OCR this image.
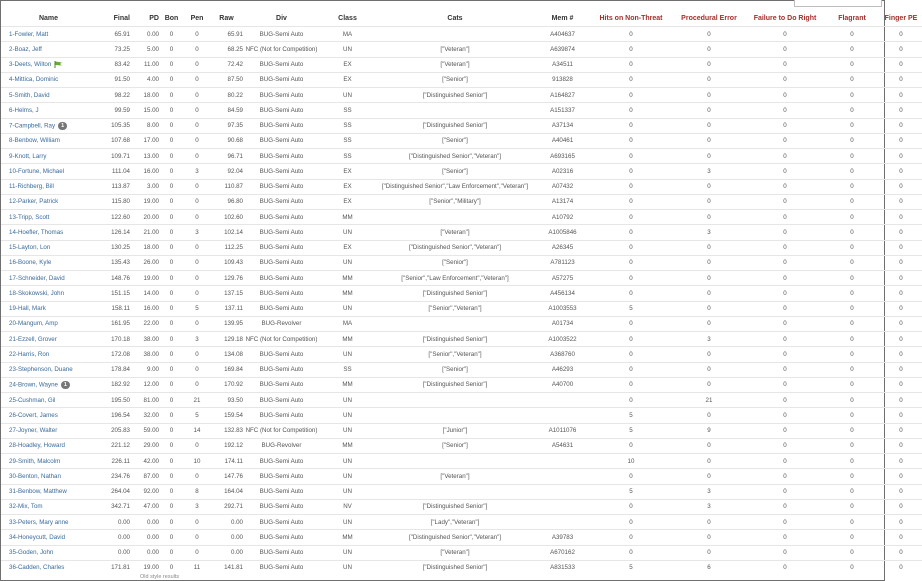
Name	Final	PD	Bon	Pen	Raw	Div	Class	Cats	Mem #	Hits on Non-Threat	Procedural Error	Failure to Do Right	Flagrant	Finger PE
1-Fowler, Matt	65.91	0.00	0	0	65.91	BUG-Semi Auto	MA		A404637	0	0	0	0	0
2-Boaz, Jeff	73.25	5.00	0	0	68.25	NFC (Not for Competition)	UN	["Veteran"]	A639874	0	0	0	0	0
3-Deets, Wilton	83.42	11.00	0	0	72.42	BUG-Semi Auto	EX	["Veteran"]	A34511	0	0	0	0	0
4-Mittica, Dominic	91.50	4.00	0	0	87.50	BUG-Semi Auto	EX	["Senior"]	913828	0	0	0	0	0
5-Smith, David	98.22	18.00	0	0	80.22	BUG-Semi Auto	UN	["Distinguished Senior"]	A164827	0	0	0	0	0
6-Helms, J	99.59	15.00	0	0	84.59	BUG-Semi Auto	SS		A151337	0	0	0	0	0
7-Campbell, Ray 1	105.35	8.00	0	0	97.35	BUG-Semi Auto	SS	["Distinguished Senior"]	A37134	0	0	0	0	0
8-Benbow, William	107.68	17.00	0	0	90.68	BUG-Semi Auto	SS	["Senior"]	A40461	0	0	0	0	0
9-Knott, Larry	109.71	13.00	0	0	96.71	BUG-Semi Auto	SS	["Distinguished Senior","Veteran"]	A693165	0	0	0	0	0
10-Fortune, Michael	111.04	16.00	0	3	92.04	BUG-Semi Auto	EX	["Senior"]	A02316	0	3	0	0	0
11-Richberg, Bill	113.87	3.00	0	0	110.87	BUG-Semi Auto	EX	["Distinguished Senior","Law Enforcement","Veteran"]	A07432	0	0	0	0	0
12-Parker, Patrick	115.80	19.00	0	0	96.80	BUG-Semi Auto	EX	["Senior","Military"]	A13174	0	0	0	0	0
13-Tripp, Scott	122.60	20.00	0	0	102.60	BUG-Semi Auto	MM		A10792	0	0	0	0	0
14-Hoefler, Thomas	126.14	21.00	0	3	102.14	BUG-Semi Auto	UN	["Veteran"]	A1005846	0	3	0	0	0
15-Layton, Lon	130.25	18.00	0	0	112.25	BUG-Semi Auto	EX	["Distinguished Senior","Veteran"]	A26345	0	0	0	0	0
16-Boone, Kyle	135.43	26.00	0	0	109.43	BUG-Semi Auto	UN	["Senior"]	A781123	0	0	0	0	0
17-Schneider, David	148.76	19.00	0	0	129.76	BUG-Semi Auto	MM	["Senior","Law Enforcement","Veteran"]	A57275	0	0	0	0	0
18-Skokowski, John	151.15	14.00	0	0	137.15	BUG-Semi Auto	MM	["Distinguished Senior"]	A456134	0	0	0	0	0
19-Hall, Mark	158.11	16.00	0	5	137.11	BUG-Semi Auto	UN	["Senior","Veteran"]	A1003553	5	0	0	0	0
20-Mangum, Amp	161.95	22.00	0	0	139.95	BUG-Revolver	MA		A01734	0	0	0	0	0
21-Ezzell, Grover	170.18	38.00	0	3	129.18	NFC (Not for Competition)	MM	["Distinguished Senior"]	A1003522	0	3	0	0	0
22-Harris, Ron	172.08	38.00	0	0	134.08	BUG-Semi Auto	UN	["Senior","Veteran"]	A368760	0	0	0	0	0
23-Stephenson, Duane	178.84	9.00	0	0	169.84	BUG-Semi Auto	SS	["Senior"]	A46293	0	0	0	0	0
24-Brown, Wayne 1	182.92	12.00	0	0	170.92	BUG-Semi Auto	MM	["Distinguished Senior"]	A40700	0	0	0	0	0
25-Cushman, Gil	195.50	81.00	0	21	93.50	BUG-Semi Auto	UN			0	21	0	0	0
26-Covert, James	196.54	32.00	0	5	159.54	BUG-Semi Auto	UN			5	0	0	0	0
27-Joyner, Walter	205.83	59.00	0	14	132.83	NFC (Not for Competition)	UN	["Junior"]	A1011076	5	9	0	0	0
28-Hoadley, Howard	221.12	29.00	0	0	192.12	BUG-Revolver	MM	["Senior"]	A54631	0	0	0	0	0
29-Smith, Malcolm	226.11	42.00	0	10	174.11	BUG-Semi Auto	UN			10	0	0	0	0
30-Benton, Nathan	234.76	87.00	0	0	147.76	BUG-Semi Auto	UN	["Veteran"]		0	0	0	0	0
31-Benbow, Matthew	264.04	92.00	0	8	164.04	BUG-Semi Auto	UN			5	3	0	0	0
32-Mix, Tom	342.71	47.00	0	3	292.71	BUG-Semi Auto	NV	["Distinguished Senior"]		0	3	0	0	0
33-Peters, Mary anne	0.00	0.00	0	0	0.00	BUG-Semi Auto	UN	["Lady","Veteran"]		0	0	0	0	0
34-Honeycutt, David	0.00	0.00	0	0	0.00	BUG-Semi Auto	MM	["Distinguished Senior","Veteran"]	A39783	0	0	0	0	0
35-Goden, John	0.00	0.00	0	0	0.00	BUG-Semi Auto	UN	["Veteran"]	A670162	0	0	0	0	0
36-Cadden, Charles	171.81	19.00	0	11	141.81	BUG-Semi Auto	UN	["Distinguished Senior"]	A831533	5	6	0	0	0
Old style results
